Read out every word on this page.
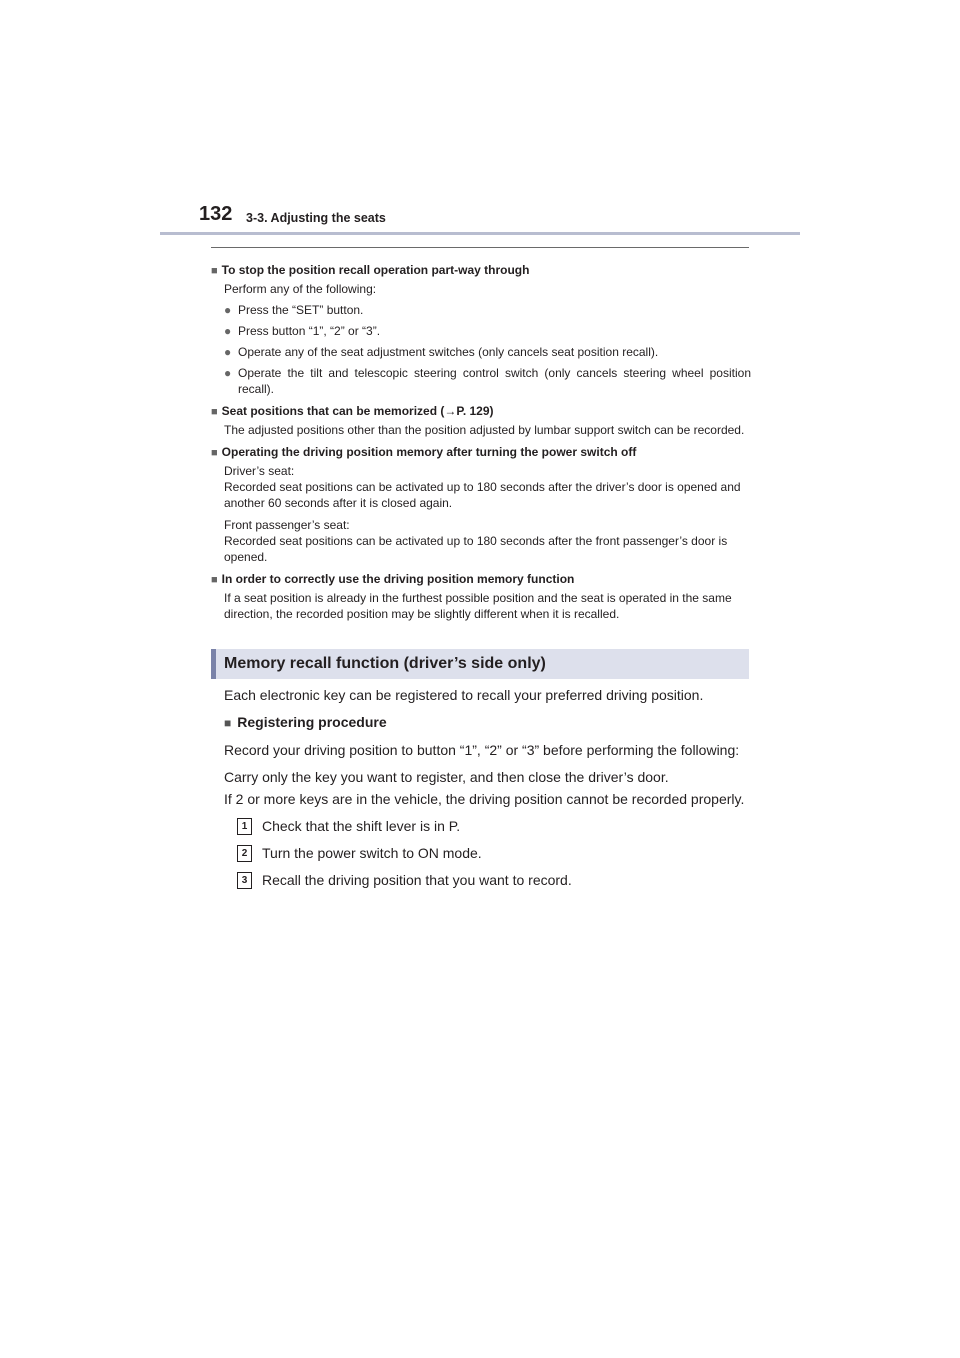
132 3-3. Adjusting the seats
■ To stop the position recall operation part-way through

Perform any of the following:

● Press the “SET” button.
● Press button “1”, “2” or “3”.
● Operate any of the seat adjustment switches (only cancels seat position recall).
● Operate the tilt and telescopic steering control switch (only cancels steering wheel position recall).
■ Seat positions that can be memorized (→P. 129)

The adjusted positions other than the position adjusted by lumbar support switch can be recorded.

■ Operating the driving position memory after turning the power switch off

Driver’s seat:

Recorded seat positions can be activated up to 180 seconds after the driver’s door is opened and another 60 seconds after it is closed again.

Front passenger’s seat:

Recorded seat positions can be activated up to 180 seconds after the front passenger’s door is opened.

■ In order to correctly use the driving position memory function

If a seat position is already in the furthest possible position and the seat is operated in the same direction, the recorded position may be slightly different when it is recalled.

Memory recall function (driver’s side only)

Each electronic key can be registered to recall your preferred driving position.

■ Registering procedure

Record your driving position to button “1”, “2” or “3” before performing the following:

Carry only the key you want to register, and then close the driver’s door.

If 2 or more keys are in the vehicle, the driving position cannot be recorded properly.

1	Check that the shift lever is in P.
2	Turn the power switch to ON mode.
3	Recall the driving position that you want to record.
